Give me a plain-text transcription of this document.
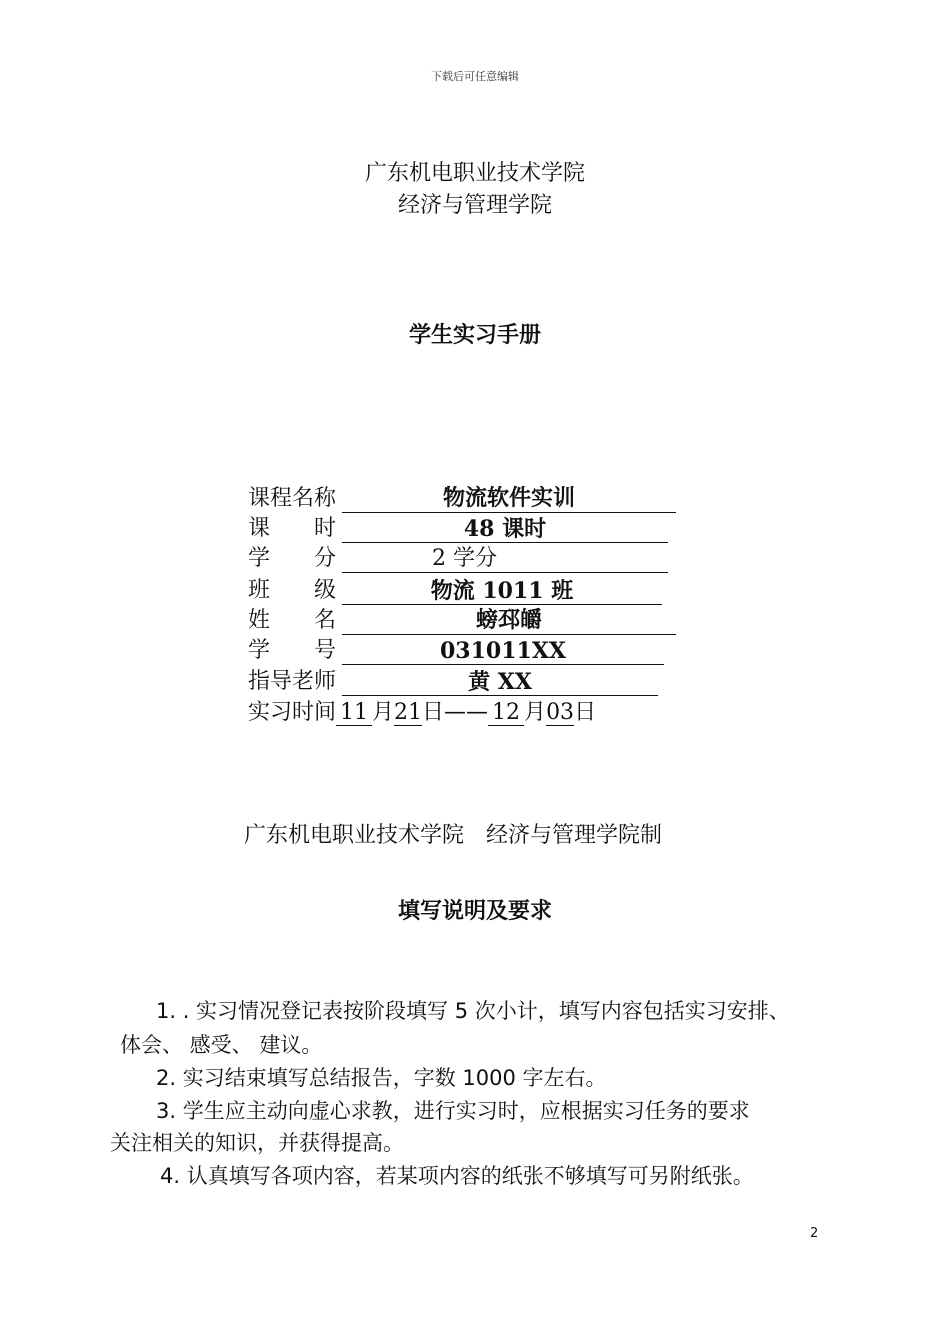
下载后可任意编辑
广东机电职业技术学院
经济与管理学院
学生实习手册
课程名称	物流软件实训
课　　时	48 课时
学　　分	2 学分
班　　级	物流 1011 班
姓　　名	螃邳皭
学　　号	031011XX
指导老师	黄 XX
实习时间 11 月21日—— 12 月03日
广东机电职业技术学院　经济与管理学院制
填写说明及要求
1. . 实习情况登记表按阶段填写 5 次小计，填写内容包括实习安排、
体会、 感受、 建议。
2. 实习结束填写总结报告，字数 1000 字左右。
3. 学生应主动向虚心求教，进行实习时，应根据实习任务的要求
关注相关的知识，并获得提高。
4. 认真填写各项内容，若某项内容的纸张不够填写可另附纸张。
2
